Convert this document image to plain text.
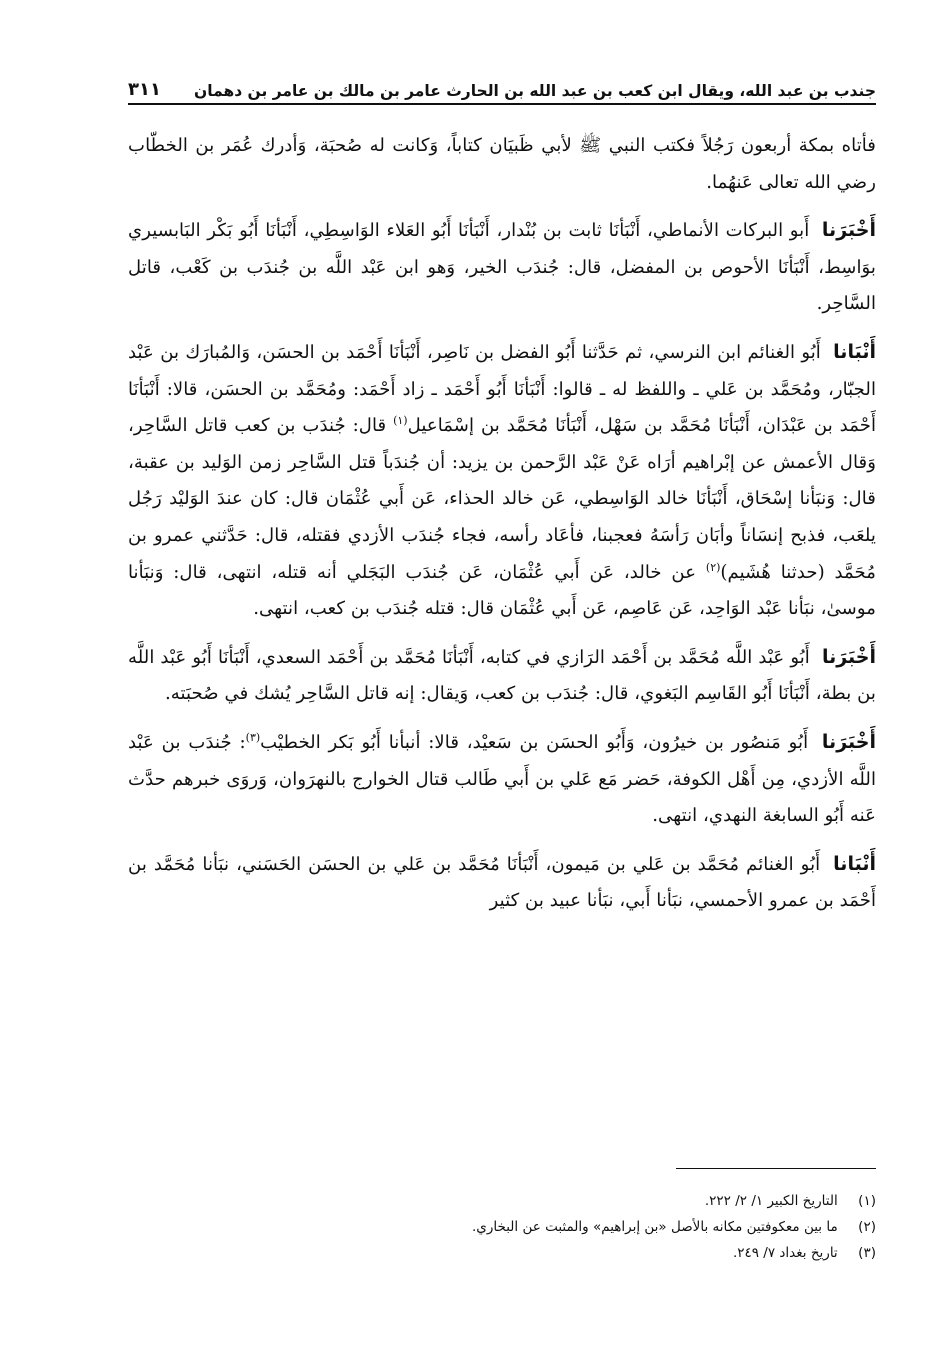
جندب بن عبد الله، ويقال ابن كعب بن عبد الله بن الحارث عامر بن مالك بن عامر بن دهمان
٣١١

فأتاه بمكة أربعون رَجُلاً فكتب النبي ﷺ لأبي ظَبيَان كتاباً، وَكانت له صُحبَة، وَأدرك عُمَر بن الخطّاب رضي الله تعالى عَنهُما.

أَخْبَرَنا أَبو البركات الأنماطي، أَنْبَأنَا ثابت بن بُنْدار، أَنْبَأنَا أَبُو العَلاء الوَاسِطِي، أَنْبَأنَا أَبُو بَكْر البَابسيري بوَاسِط، أَنْبَأنَا الأحوص بن المفضل، قال: جُندَب الخير، وَهو ابن عَبْد اللَّه بن جُندَب بن كَعْب، قاتل السَّاحِر.

أَنْبَانا أَبُو الغنائم ابن النرسي، ثم حَدَّثنا أَبُو الفضل بن نَاصِر، أَنْبَأنَا أَحْمَد بن الحسَن، وَالمُبارَك بن عَبْد الجبّار، ومُحَمَّد بن عَلي ـ واللفظ له ـ قالوا: أَنْبَأنَا أَبُو أَحْمَد ـ زاد أَحْمَد: ومُحَمَّد بن الحسَن، قالا: أَنْبَأنَا أَحْمَد بن عَبْدَان، أَنْبَأنَا مُحَمَّد بن سَهْل، أَنْبَأنَا مُحَمَّد بن إسْمَاعيل$^{(١)}$ قال: جُندَب بن كعب قاتل السَّاحِر، وَقال الأعمش عن إبْراهيم أرَاه عَنْ عَبْد الرَّحمن بن يزيد: أن جُندَباً قتل السَّاحِر زمن الوَليد بن عقبة، قال: وَنبَأنا إسْحَاق، أَنْبَأنَا خالد الوَاسِطي، عَن خالد الحذاء، عَن أَبي عُثْمَان قال: كان عندَ الوَليْد رَجُل يلعَب، فذبح إنسَاناً وأبَان رَأسَهُ فعجبنا، فأعَاد رأسه، فجاء جُندَب الأزدي فقتله، قال: حَدَّثني عمرو بن مُحَمَّد (حدثنا هُشَيم)$^{(٢)}$ عن خالد، عَن أَبي عُثْمَان، عَن جُندَب البَجَلي أنه قتله، انتهى، قال: وَنبَأنا موسىٰ، نبَأنا عَبْد الوَاحِد، عَن عَاصِم، عَن أَبي عُثْمَان قال: قتله جُندَب بن كعب، انتهى.

أَخْبَرَنا أَبُو عَبْد اللَّه مُحَمَّد بن أَحْمَد الرَازي في كتابه، أَنْبَأنَا مُحَمَّد بن أَحْمَد السعدي، أَنْبَأنَا أَبُو عَبْد اللَّه بن بطة، أَنْبَأنَا أَبُو القَاسِم البَغوي، قال: جُندَب بن كعب، وَيقال: إنه قاتل السَّاحِر يُشك في صُحبَته.

أَخْبَرَنا أَبُو مَنصُور بن خيرُون، وَأَبُو الحسَن بن سَعيْد، قالا: أنبأنا أَبُو بَكر الخطيْب$^{(٣)}$: جُندَب بن عَبْد اللَّه الأزدي، مِن أَهْل الكوفة، حَضر مَع عَلي بن أَبي طَالب قتال الخوارج بالنهرَوان، وَروَى خبرهم حدَّث عَنه أَبُو السابغة النهدي، انتهى.

أَنْبَانا أَبُو الغنائم مُحَمَّد بن عَلي بن مَيمون، أَنْبَأنَا مُحَمَّد بن عَلي بن الحسَن الحَسَني، نبَأنا مُحَمَّد بن أَحْمَد بن عمرو الأحمسي، نبَأنا أَبي، نبَأنا عبيد بن كثير

(١) التاريخ الكبير ١/ ٢/ ٢٢٢.
(٢) ما بين معكوفتين مكانه بالأصل «بن إبراهيم» والمثبت عن البخاري.
(٣) تاريخ بغداد ٧/ ٢٤٩.
